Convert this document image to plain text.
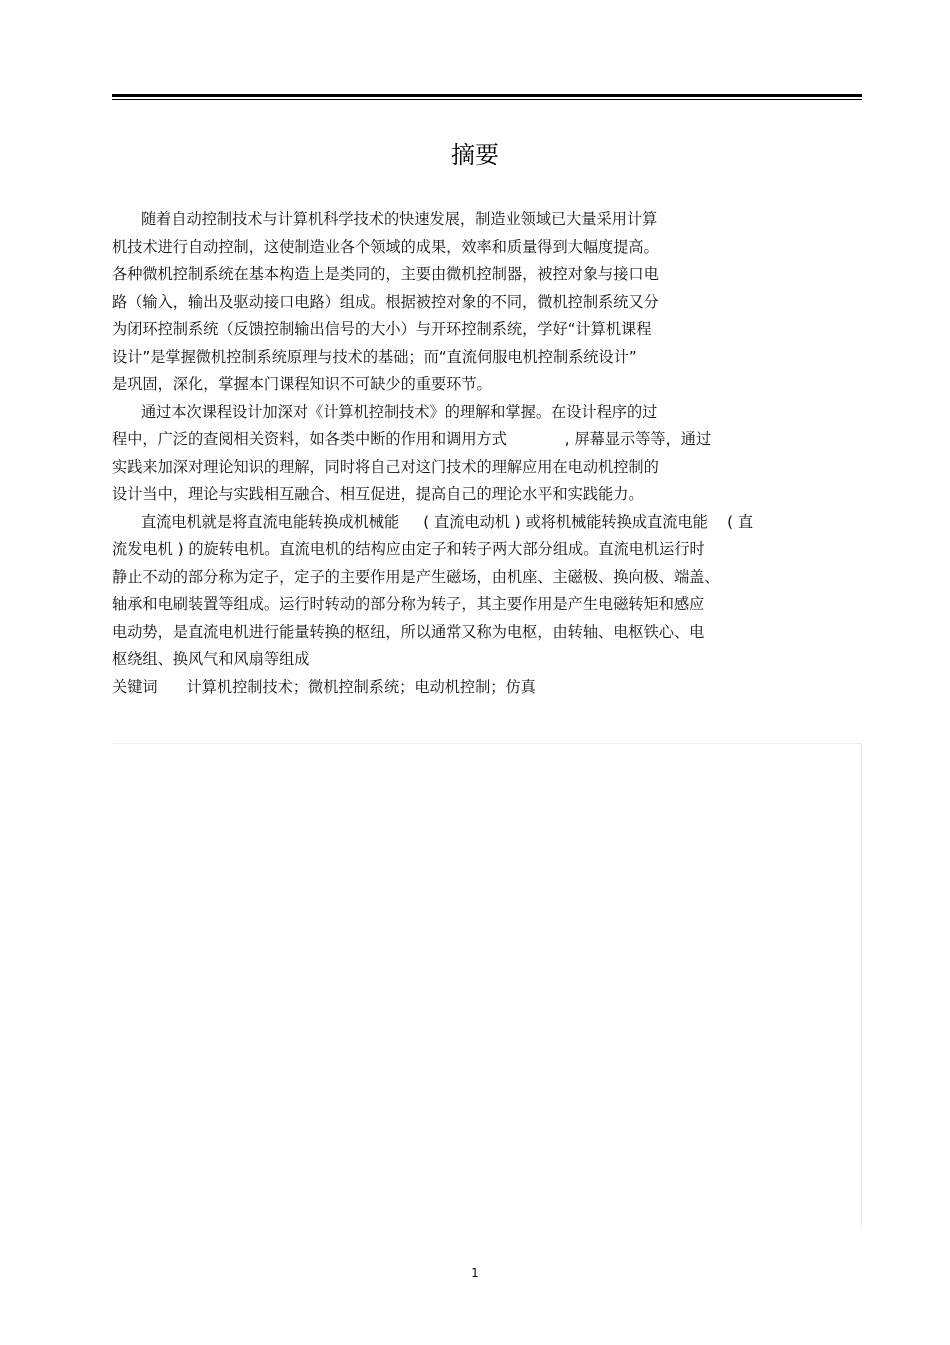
摘要
随着自动控制技术与计算机科学技术的快速发展，制造业领域已大量采用计算
机技术进行自动控制，这使制造业各个领域的成果，效率和质量得到大幅度提高。
各种微机控制系统在基本构造上是类同的，主要由微机控制器，被控对象与接口电
路（输入，输出及驱动接口电路）组成。根据被控对象的不同，微机控制系统又分
为闭环控制系统（反馈控制输出信号的大小）与开环控制系统，学好“计算机课程
设计”是掌握微机控制系统原理与技术的基础；而“直流伺服电机控制系统设计”
是巩固，深化，掌握本门课程知识不可缺少的重要环节。
通过本次课程设计加深对《计算机控制技术》的理解和掌握。在设计程序的过
程中，广泛的查阅相关资料，如各类中断的作用和调用方式            , 屏幕显示等等，通过
实践来加深对理论知识的理解，同时将自己对这门技术的理解应用在电动机控制的
设计当中，理论与实践相互融合、相互促进，提高自己的理论水平和实践能力。
直流电机就是将直流电能转换成机械能     ( 直流电动机 ) 或将机械能转换成直流电能    ( 直
流发电机 ) 的旋转电机。直流电机的结构应由定子和转子两大部分组成。直流电机运行时
静止不动的部分称为定子，定子的主要作用是产生磁场，由机座、主磁极、换向极、端盖、
轴承和电刷装置等组成。运行时转动的部分称为转子，其主要作用是产生电磁转矩和感应
电动势，是直流电机进行能量转换的枢纽，所以通常又称为电枢，由转轴、电枢铁心、电
枢绕组、换风气和风扇等组成
关键词 计算机控制技术；微机控制系统；电动机控制；仿真
1
